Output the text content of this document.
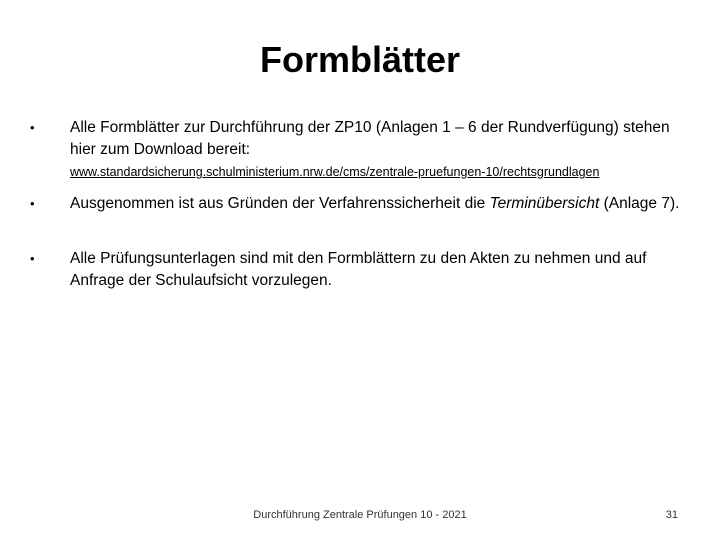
Formblätter
• Alle Formblätter zur Durchführung der ZP10 (Anlagen 1 – 6 der Rundverfügung) stehen hier zum Download bereit:
www.standardsicherung.schulministerium.nrw.de/cms/zentrale-pruefungen-10/rechtsgrundlagen
• Ausgenommen ist aus Gründen der Verfahrenssicherheit die Terminübersicht (Anlage 7).
• Alle Prüfungsunterlagen sind mit den Formblättern zu den Akten zu nehmen und auf Anfrage der Schulaufsicht vorzulegen.
Durchführung Zentrale Prüfungen 10 - 2021	31
